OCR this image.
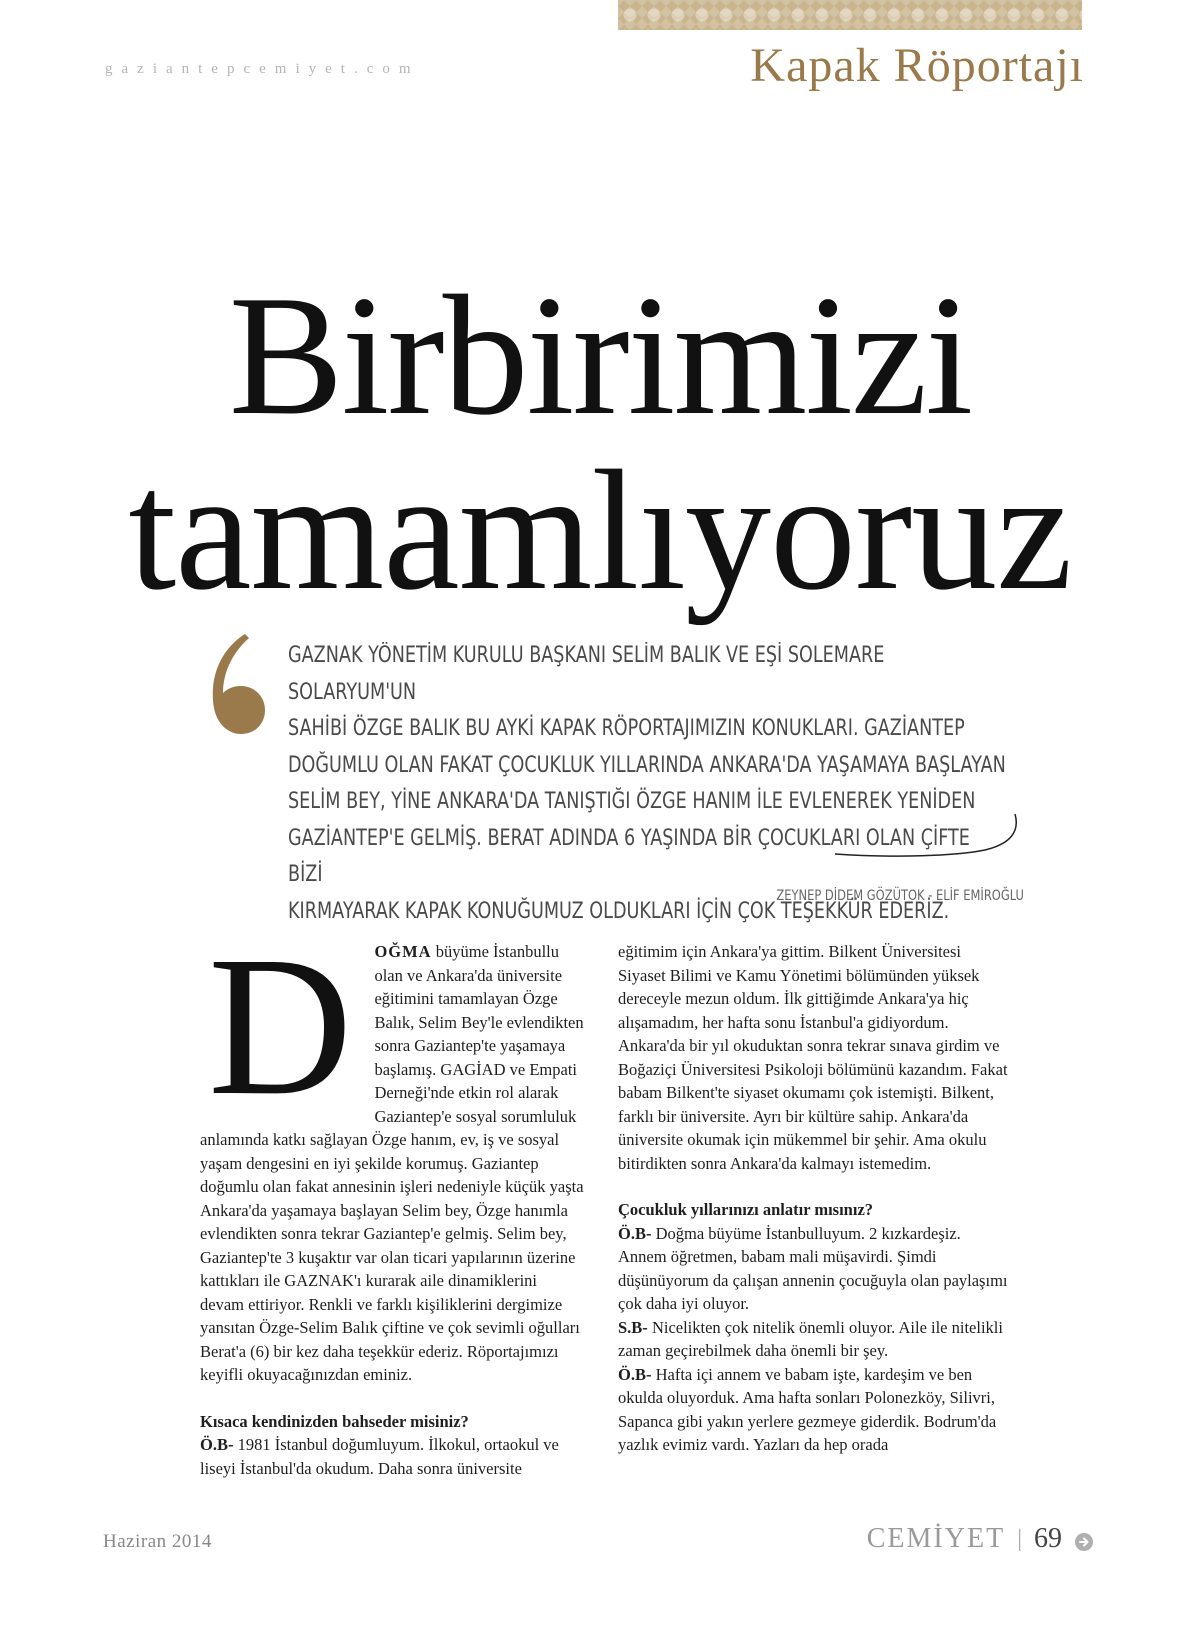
gaziantepcemiyet.com	Kapak Röportajı
Birbirimizi
tamamlıyoruz
GAZNAK YÖNETİM KURULU BAŞKANI SELİM BALIK VE EŞİ SOLEMARE SOLARYUM'UN
SAHİBİ ÖZGE BALIK BU AYKİ KAPAK RÖPORTAJIMIZIN KONUKLARI. GAZİANTEP
DOĞUMLU OLAN FAKAT ÇOCUKLUK YILLARINDA ANKARA'DA YAŞAMAYA BAŞLAYAN
SELİM BEY, YİNE ANKARA'DA TANIŞTIĞI ÖZGE HANIM İLE EVLENEREK YENİDEN
GAZİANTEP'E GELMİŞ. BERAT ADINDA 6 YAŞINDA BİR ÇOCUKLARI OLAN ÇİFTE BİZİ
KIRMAYARAK KAPAK KONUĞUMUZ OLDUKLARI İÇİN ÇOK TEŞEKKÜR EDERİZ.
ZEYNEP DİDEM GÖZÜTOK - ELİF EMİROĞLU

D OĞMA büyüme İstanbullu olan ve Ankara'da üniversite eğitimini tamamlayan Özge Balık, Selim Bey'le evlendikten sonra Gaziantep'te yaşamaya başlamış. GAGİAD ve Empati Derneği'nde etkin rol alarak Gaziantep'e sosyal sorumluluk anlamında katkı sağlayan Özge hanım, ev, iş ve sosyal yaşam dengesini en iyi şekilde korumuş. Gaziantep doğumlu olan fakat annesinin işleri nedeniyle küçük yaşta Ankara'da yaşamaya başlayan Selim bey, Özge hanımla evlendikten sonra tekrar Gaziantep'e gelmiş. Selim bey, Gaziantep'te 3 kuşaktır var olan ticari yapılarının üzerine kattıkları ile GAZNAK'ı kurarak aile dinamiklerini devam ettiriyor. Renkli ve farklı kişiliklerini dergimize yansıtan Özge-Selim Balık çiftine ve çok sevimli oğulları Berat'a (6) bir kez daha teşekkür ederiz. Röportajımızı keyifli okuyacağınızdan eminiz.

Kısaca kendinizden bahseder misiniz?

Ö.B- 1981 İstanbul doğumluyum. İlkokul, ortaokul ve liseyi İstanbul'da okudum. Daha sonra üniversite

eğitimim için Ankara'ya gittim. Bilkent Üniversitesi Siyaset Bilimi ve Kamu Yönetimi bölümünden yüksek dereceyle mezun oldum. İlk gittiğimde Ankara'ya hiç alışamadım, her hafta sonu İstanbul'a gidiyordum. Ankara'da bir yıl okuduktan sonra tekrar sınava girdim ve Boğaziçi Üniversitesi Psikoloji bölümünü kazandım. Fakat babam Bilkent'te siyaset okumamı çok istemişti. Bilkent, farklı bir üniversite. Ayrı bir kültüre sahip. Ankara'da üniversite okumak için mükemmel bir şehir. Ama okulu bitirdikten sonra Ankara'da kalmayı istemedim.

Çocukluk yıllarınızı anlatır mısınız?

Ö.B- Doğma büyüme İstanbulluyum. 2 kızkardeşiz. Annem öğretmen, babam mali müşavirdi. Şimdi düşünüyorum da çalışan annenin çocuğuyla olan paylaşımı çok daha iyi oluyor.

S.B- Nicelikten çok nitelik önemli oluyor. Aile ile nitelikli zaman geçirebilmek daha önemli bir şey.

Ö.B- Hafta içi annem ve babam işte, kardeşim ve ben okulda oluyorduk. Ama hafta sonları Polonezköy, Silivri, Sapanca gibi yakın yerlere gezmeye giderdik. Bodrum'da yazlık evimiz vardı. Yazları da hep orada

Haziran 2014	CEMİYET | 69
